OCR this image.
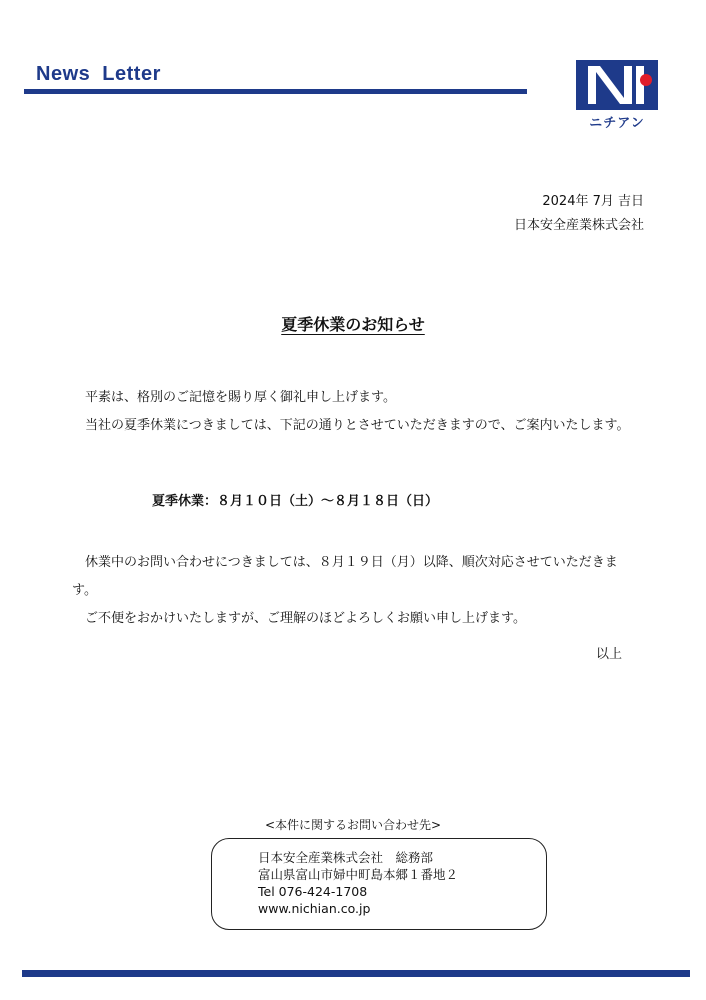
News Letter
ニチアン
2024年 7月 吉日
日本安全産業株式会社
夏季休業のお知らせ
平素は、格別のご記憶を賜り厚く御礼申し上げます。
当社の夏季休業につきましては、下記の通りとさせていただきますので、ご案内いたします。
夏季休業：８月１０日（土）～８月１８日（日）
休業中のお問い合わせにつきましては、８月１９日（月）以降、順次対応させていただきます。
ご不便をおかけいたしますが、ご理解のほどよろしくお願い申し上げます。
以上
<本件に関するお問い合わせ先>
日本安全産業株式会社　総務部
富山県富山市婦中町島本郷１番地２
Tel 076-424-1708
www.nichian.co.jp
